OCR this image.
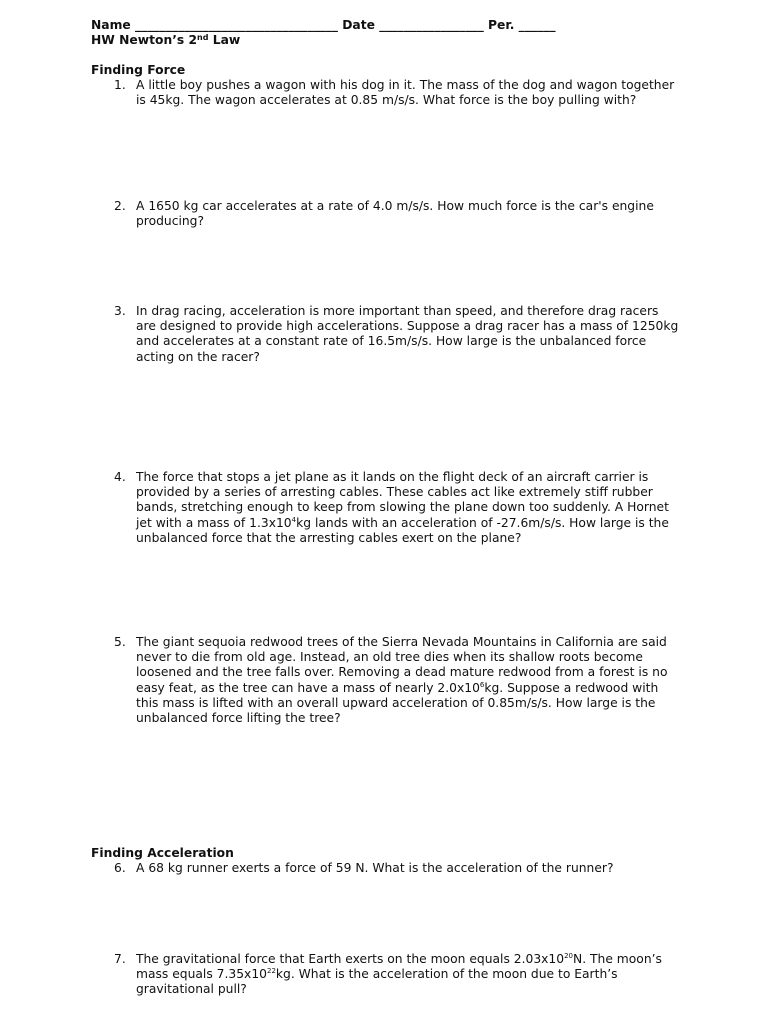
Name _________________________________ Date _________________ Per. ______
HW Newton’s 2nd Law
Finding Force
1. A little boy pushes a wagon with his dog in it. The mass of the dog and wagon together is 45kg. The wagon accelerates at 0.85 m/s/s. What force is the boy pulling with?
2. A 1650 kg car accelerates at a rate of 4.0 m/s/s. How much force is the car's engine producing?
3. In drag racing, acceleration is more important than speed, and therefore drag racers are designed to provide high accelerations. Suppose a drag racer has a mass of 1250kg and accelerates at a constant rate of 16.5m/s/s. How large is the unbalanced force acting on the racer?
4. The force that stops a jet plane as it lands on the flight deck of an aircraft carrier is provided by a series of arresting cables. These cables act like extremely stiff rubber bands, stretching enough to keep from slowing the plane down too suddenly. A Hornet jet with a mass of $1.3x10^4kg$ lands with an acceleration of -27.6m/s/s. How large is the unbalanced force that the arresting cables exert on the plane?
5. The giant sequoia redwood trees of the Sierra Nevada Mountains in California are said never to die from old age. Instead, an old tree dies when its shallow roots become loosened and the tree falls over. Removing a dead mature redwood from a forest is no easy feat, as the tree can have a mass of nearly $2.0x10^6kg$. Suppose a redwood with this mass is lifted with an overall upward acceleration of 0.85m/s/s. How large is the unbalanced force lifting the tree?
Finding Acceleration
6. A 68 kg runner exerts a force of 59 N. What is the acceleration of the runner?
7. The gravitational force that Earth exerts on the moon equals $2.03x10^{20}N$. The moon’s mass equals $7.35x10^{22}kg$. What is the acceleration of the moon due to Earth’s gravitational pull?
